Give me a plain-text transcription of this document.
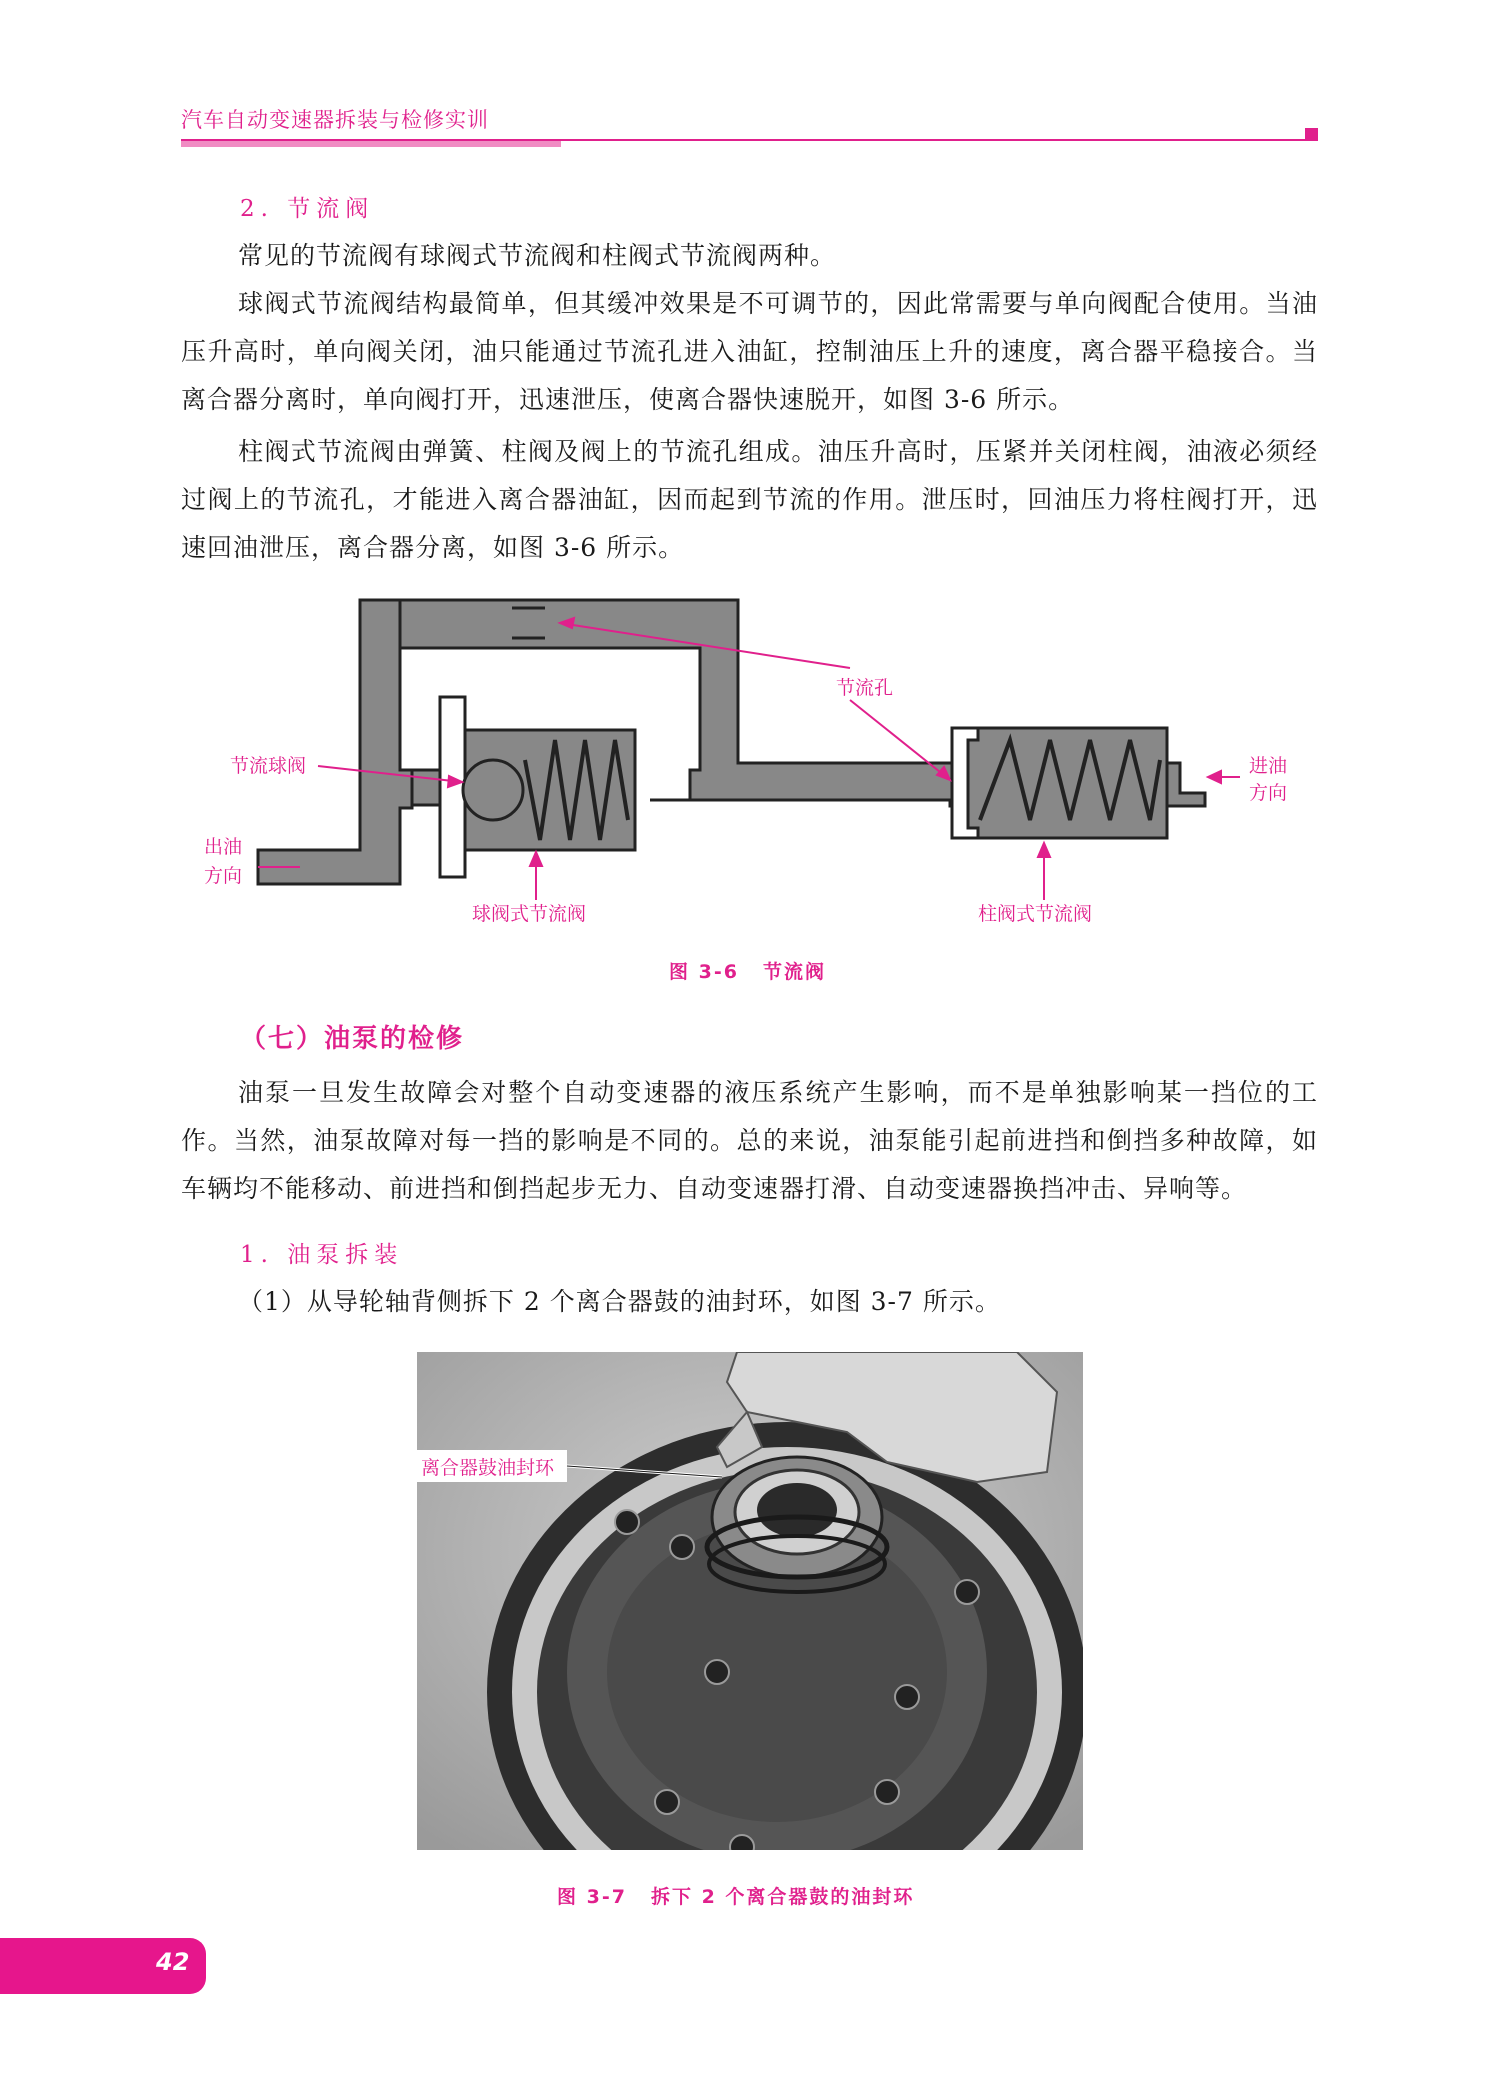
汽车自动变速器拆装与检修实训
2. 节流阀

常见的节流阀有球阀式节流阀和柱阀式节流阀两种。

球阀式节流阀结构最简单，但其缓冲效果是不可调节的，因此常需要与单向阀配合使用。当油压升高时，单向阀关闭，油只能通过节流孔进入油缸，控制油压上升的速度，离合器平稳接合。当离合器分离时，单向阀打开，迅速泄压，使离合器快速脱开，如图 3-6 所示。

柱阀式节流阀由弹簧、柱阀及阀上的节流孔组成。油压升高时，压紧并关闭柱阀，油液必须经过阀上的节流孔，才能进入离合器油缸，因而起到节流的作用。泄压时，回油压力将柱阀打开，迅速回油泄压，离合器分离，如图 3-6 所示。

节流孔
节流球阀
出油
方向
进油
方向
球阀式节流阀	柱阀式节流阀
图 3-6 节流阀
（七）油泵的检修

油泵一旦发生故障会对整个自动变速器的液压系统产生影响，而不是单独影响某一挡位的工作。当然，油泵故障对每一挡的影响是不同的。总的来说，油泵能引起前进挡和倒挡多种故障，如车辆均不能移动、前进挡和倒挡起步无力、自动变速器打滑、自动变速器换挡冲击、异响等。

1. 油泵拆装

（1）从导轮轴背侧拆下 2 个离合器鼓的油封环，如图 3-7 所示。

离合器鼓油封环
图 3-7 拆下 2 个离合器鼓的油封环
42
